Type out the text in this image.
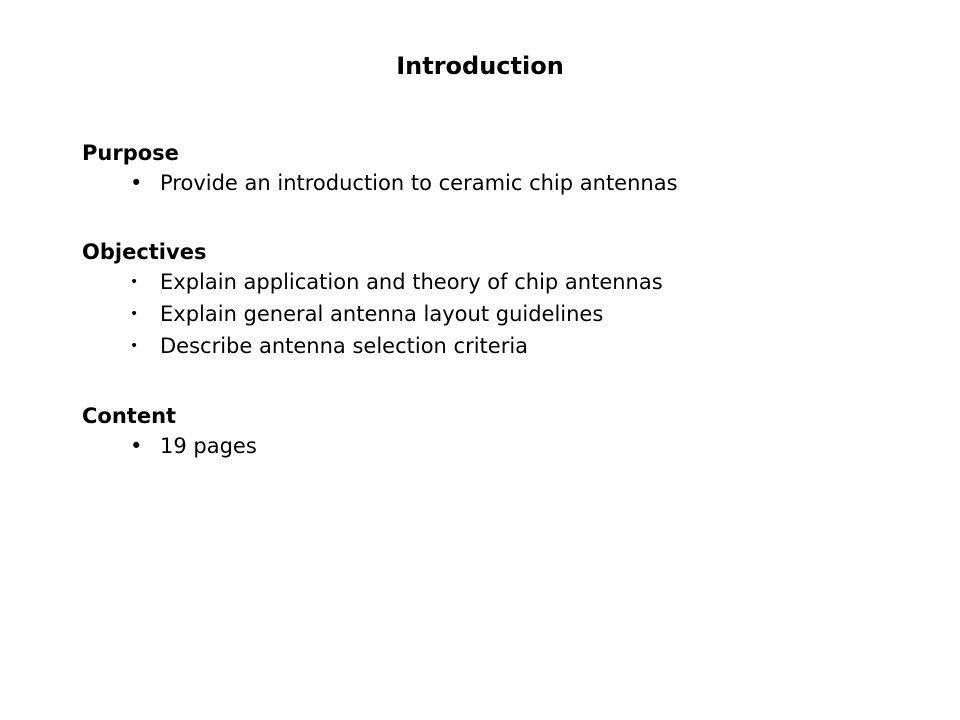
Introduction
Purpose
• Provide an introduction to ceramic chip antennas
Objectives
• Explain application and theory of chip antennas
• Explain general antenna layout guidelines
• Describe antenna selection criteria
Content
• 19 pages
